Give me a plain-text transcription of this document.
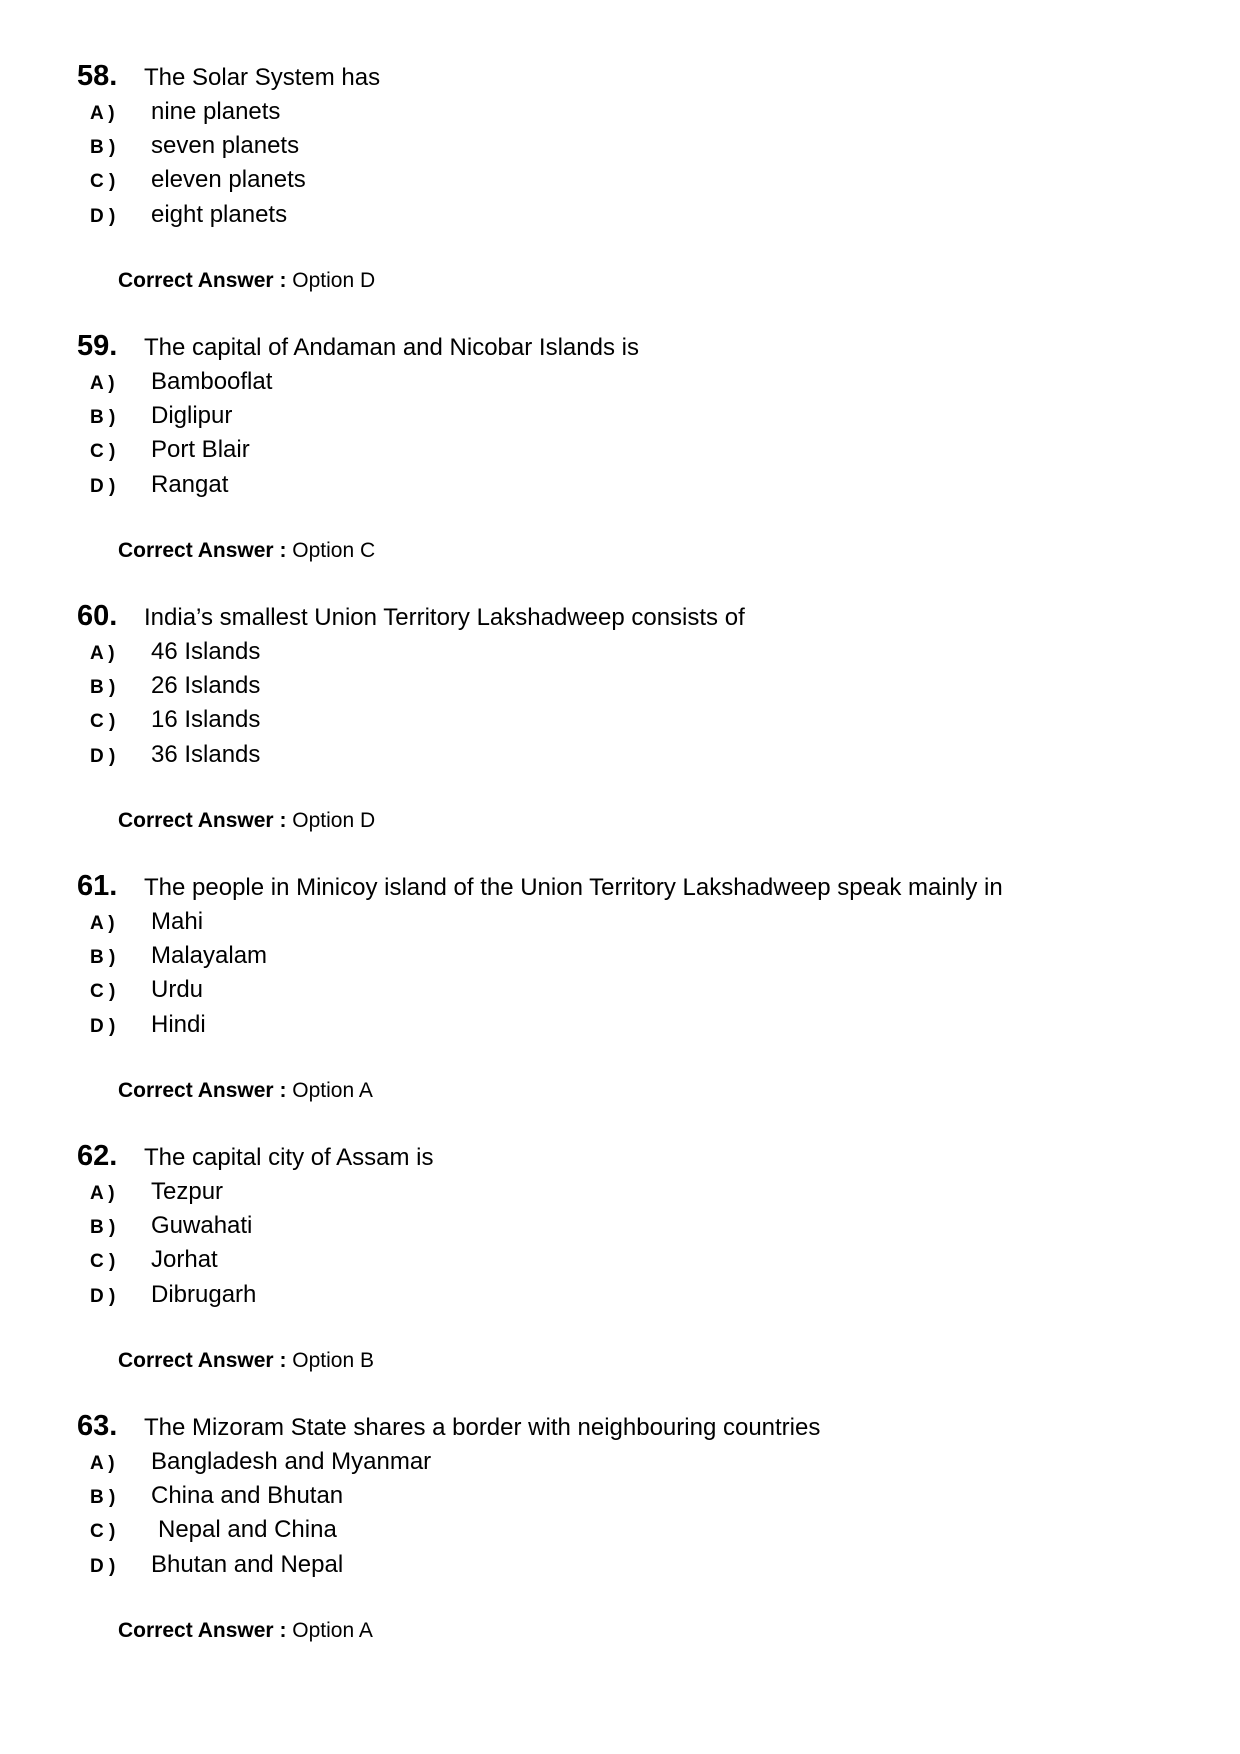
58.	The Solar System has
A )	nine planets
B )	seven planets
C )	eleven planets
D )	eight planets
Correct Answer : Option D
59.	The capital of Andaman and Nicobar Islands is
A )	Bambooflat
B )	Diglipur
C )	Port Blair
D )	Rangat
Correct Answer : Option C
60.	India’s smallest Union Territory Lakshadweep consists of
A )	46 Islands
B )	26 Islands
C )	16 Islands
D )	36 Islands
Correct Answer : Option D
61.	The people in Minicoy island of the Union Territory Lakshadweep speak mainly in
A )	Mahi
B )	Malayalam
C )	Urdu
D )	Hindi
Correct Answer : Option A
62.	The capital city of Assam is
A )	Tezpur
B )	Guwahati
C )	Jorhat
D )	Dibrugarh
Correct Answer : Option B
63.	The Mizoram State shares a border with neighbouring countries
A )	Bangladesh and Myanmar
B )	China and Bhutan
C )	Nepal and China
D )	Bhutan and Nepal
Correct Answer : Option A
